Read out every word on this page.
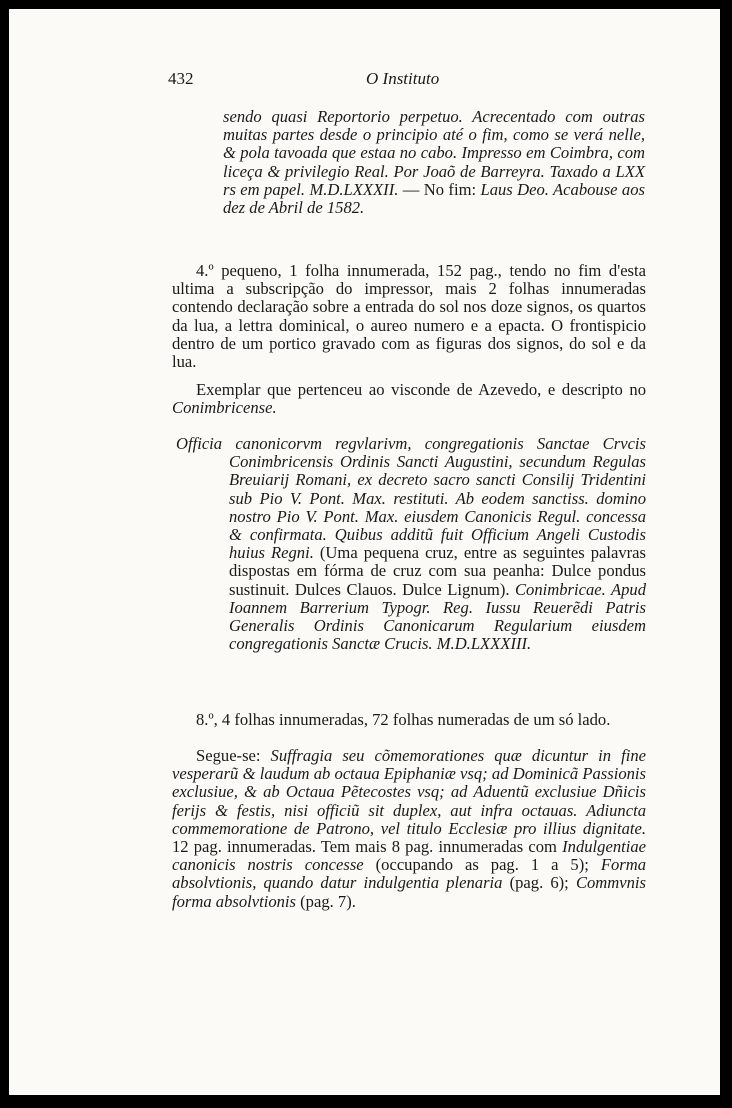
432	O Instituto

sendo quasi Reportorio perpetuo. Acrecentado com outras muitas partes desde o principio até o fim, como se verá nelle, & pola tavoada que estaa no cabo. Impresso em Coimbra, com liceça & privilegio Real. Por Joaõ de Barreyra. Taxado a LXX rs em papel. M.D.LXXXII. — No fim: Laus Deo. Acabouse aos dez de Abril de 1582.

4.º pequeno, 1 folha innumerada, 152 pag., tendo no fim d'esta ultima a subscripção do impressor, mais 2 folhas innumeradas contendo declaração sobre a entrada do sol nos doze signos, os quartos da lua, a lettra dominical, o aureo numero e a epacta. O frontispicio dentro de um portico gravado com as figuras dos signos, do sol e da lua.

Exemplar que pertenceu ao visconde de Azevedo, e descripto no Conimbricense.

Officia canonicorvm regvlarivm, congregationis Sanctae Crvcis Conimbricensis Ordinis Sancti Augustini, secundum Regulas Breuiarij Romani, ex decreto sacro sancti Consilij Tridentini sub Pio V. Pont. Max. restituti. Ab eodem sanctiss. domino nostro Pio V. Pont. Max. eiusdem Canonicis Regul. concessa & confirmata. Quibus additũ fuit Officium Angeli Custodis huius Regni. (Uma pequena cruz, entre as seguintes palavras dispostas em fórma de cruz com sua peanha: Dulce pondus sustinuit. Dulces Clauos. Dulce Lignum). Conimbricae. Apud Ioannem Barrerium Typogr. Reg. Iussu Reuerẽdi Patris Generalis Ordinis Canonicarum Regularium eiusdem congregationis Sanctæ Crucis. M.D.LXXXIII.

8.º, 4 folhas innumeradas, 72 folhas numeradas de um só lado.

Segue-se: Suffragia seu cõmemorationes quæ dicuntur in fine vesperarũ & laudum ab octaua Epiphaniæ vsq; ad Dominicã Passionis exclusiue, & ab Octaua Pẽtecostes vsq; ad Aduentũ exclusiue Dñicis ferijs & festis, nisi officiũ sit duplex, aut infra octauas. Adiuncta commemoratione de Patrono, vel titulo Ecclesiæ pro illius dignitate. 12 pag. innumeradas. Tem mais 8 pag. innumeradas com Indulgentiae canonicis nostris concesse (occupando as pag. 1 a 5); Forma absolvtionis, quando datur indulgentia plenaria (pag. 6); Commvnis forma absolvtionis (pag. 7).
